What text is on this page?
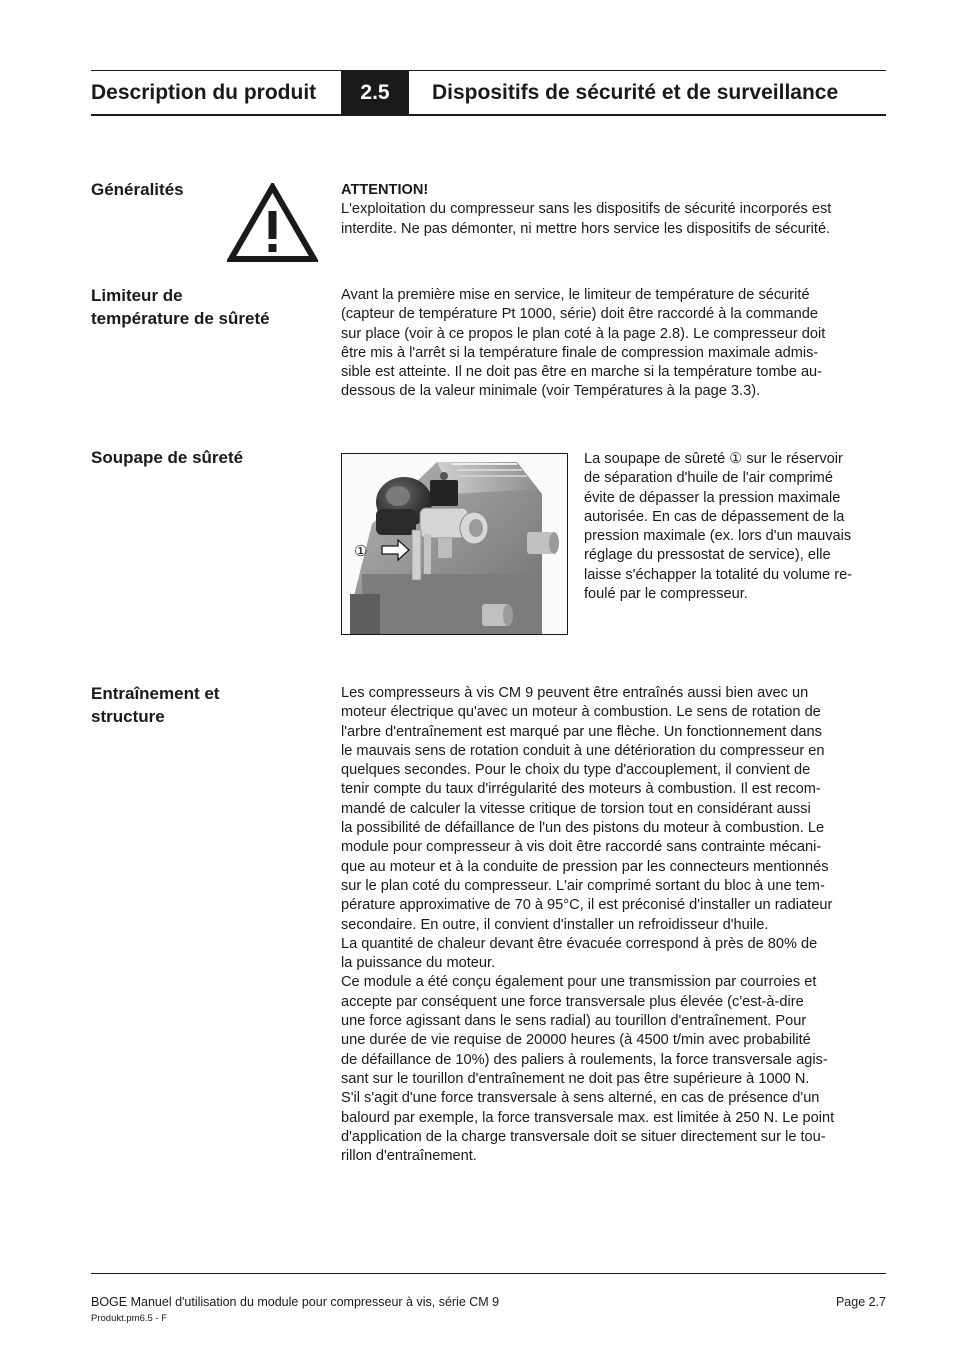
Description du produit	2.5	Dispositifs de sécurité et de surveillance
Généralités	ATTENTION!
L'exploitation du compresseur sans les dispositifs de sécurité incorporés est
interdite. Ne pas démonter, ni mettre hors service les dispositifs de sécurité.
Limiteur de
température de sûreté
Avant la première mise en service, le limiteur de température de sécurité
(capteur de température Pt 1000, série) doit être raccordé à la commande
sur place (voir à ce propos le plan coté à la page 2.8). Le compresseur doit
être mis à l'arrêt si la température finale de compression maximale admis-
sible est atteinte. Il ne doit pas être en marche si la température tombe au-
dessous de la valeur minimale (voir Températures à la page 3.3).
Soupape de sûreté
①
La soupape de sûreté ① sur le réservoir
de séparation d'huile de l'air comprimé
évite de dépasser la pression maximale
autorisée. En cas de dépassement de la
pression maximale (ex. lors d'un mauvais
réglage du pressostat de service), elle
laisse s'échapper la totalité du volume re-
foulé par le compresseur.
Entraînement et
structure
Les compresseurs à vis CM 9 peuvent être entraînés aussi bien avec un
moteur électrique qu'avec un moteur à combustion. Le sens de rotation de
l'arbre d'entraînement est marqué par une flèche. Un fonctionnement dans
le mauvais sens de rotation conduit à une détérioration du compresseur en
quelques secondes. Pour le choix du type d'accouplement, il convient de
tenir compte du taux d'irrégularité des moteurs à combustion. Il est recom-
mandé de calculer la vitesse critique de torsion tout en considérant aussi
la possibilité de défaillance de l'un des pistons du moteur à combustion. Le
module pour compresseur à vis doit être raccordé sans contrainte mécani-
que au moteur et à la conduite de pression par les connecteurs mentionnés
sur le plan coté du compresseur. L'air comprimé sortant du bloc à une tem-
pérature approximative de 70 à 95°C, il est préconisé d'installer un radiateur
secondaire. En outre, il convient d'installer un refroidisseur d'huile.
La quantité de chaleur devant être évacuée correspond à près de 80% de
la puissance du moteur.
Ce module a été conçu également pour une transmission par courroies et
accepte par conséquent une force transversale plus élevée (c'est-à-dire
une force agissant dans le sens radial) au tourillon d'entraînement. Pour
une durée de vie requise de 20000 heures (à 4500 t/min avec probabilité
de défaillance de 10%) des paliers à roulements, la force transversale agis-
sant sur le tourillon d'entraînement ne doit pas être supérieure à 1000 N.
S'il s'agit d'une force transversale à sens alterné, en cas de présence d'un
balourd par exemple, la force transversale max. est limitée à 250 N. Le point
d'application de la charge transversale doit se situer directement sur le tou-
rillon d'entraînement.
BOGE Manuel d'utilisation du module pour compresseur à vis, série CM 9	Page 2.7
Produkt.pm6.5 - F
